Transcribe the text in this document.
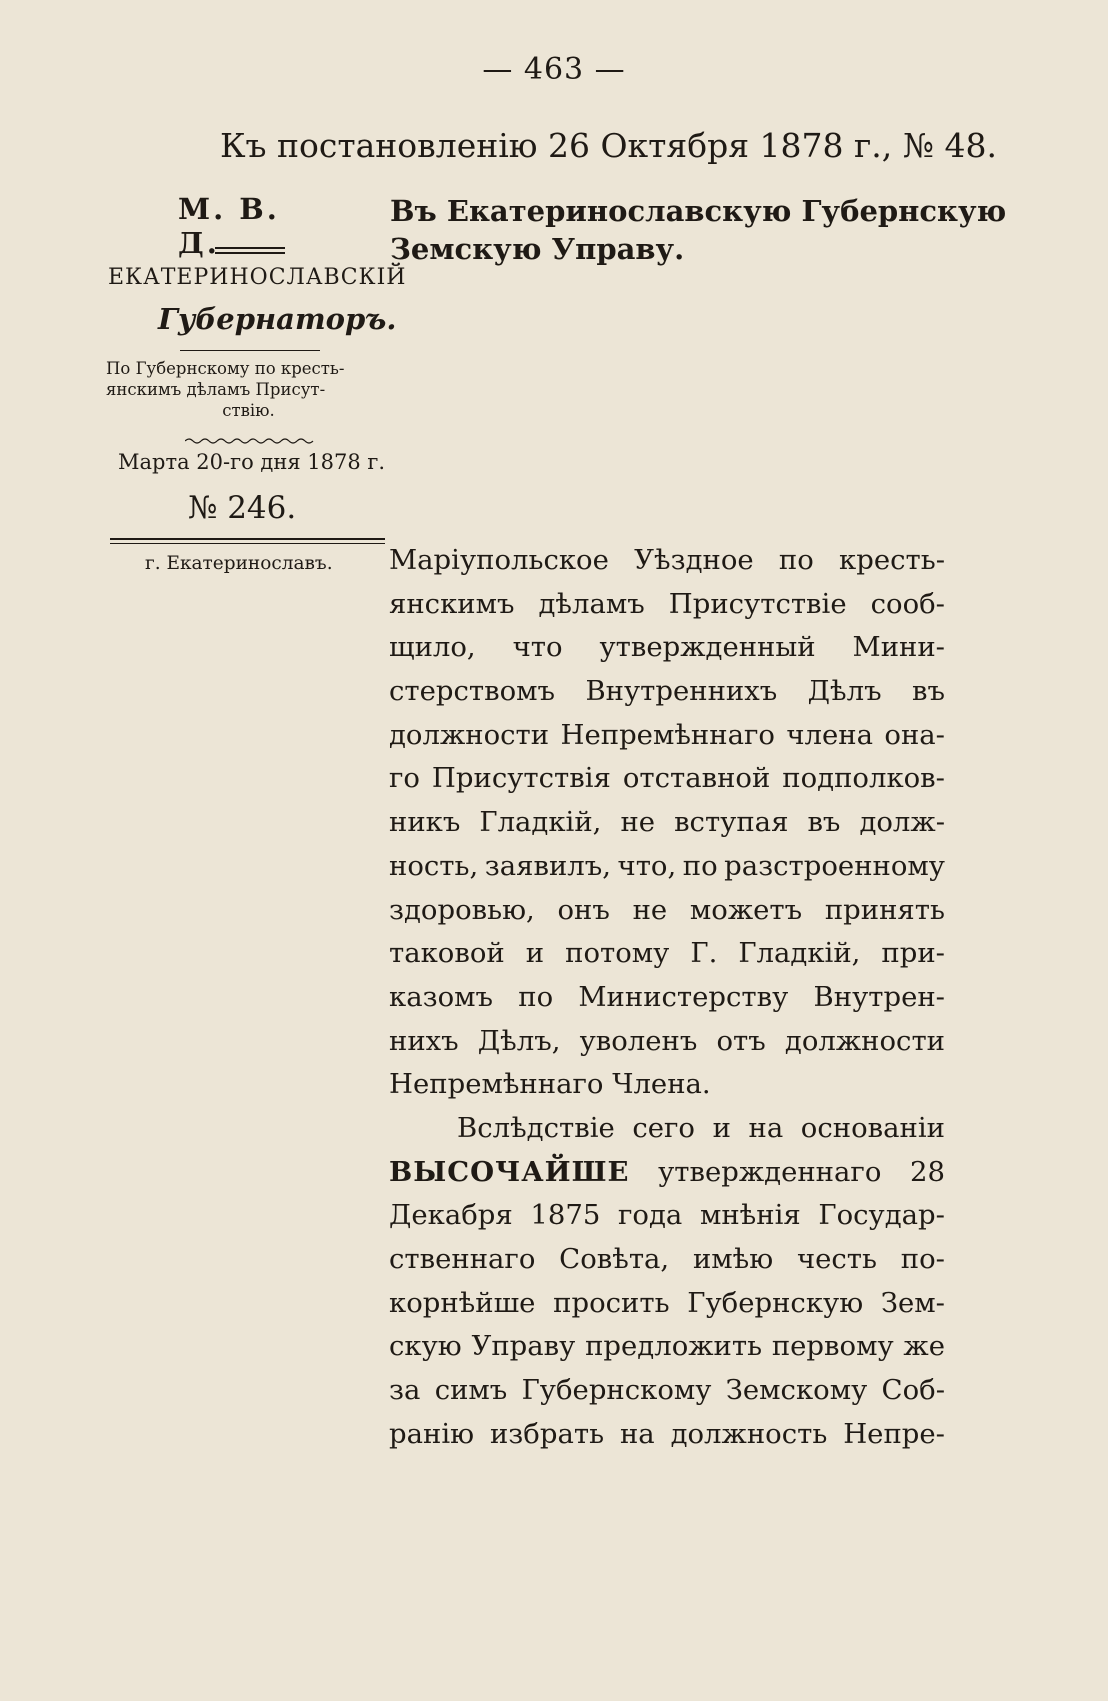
— 463 —
Къ постановленію 26 Октября 1878 г., № 48.
М. В. Д.
Въ Екатеринославскую Губернскую
Земскую Управу.
ЕКАТЕРИНОСЛАВСКІЙ
Губернаторъ.
По Губернскому по кресть-
янскимъ дѣламъ Присут-
ствію.
Марта 20-го дня 1878 г.
№ 246.
г. Екатеринославъ.	Маріупольское Уѣздное по кресть-
янскимъ дѣламъ Присутствіе сооб-
щило, что утвержденный Мини-
стерствомъ Внутреннихъ Дѣлъ въ
должности Непремѣннаго члена она-
го Присутствія отставной подполков-
никъ Гладкій, не вступая въ долж-
ность, заявилъ, что, по разстроенному
здоровью, онъ не можетъ принять
таковой и потому Г. Гладкій, при-
казомъ по Министерству Внутрен-
нихъ Дѣлъ, уволенъ отъ должности
Непремѣннаго Члена.
Вслѣдствіе сего и на основаніи
ВЫСОЧАЙШЕ утвержденнаго 28
Декабря 1875 года мнѣнія Государ-
ственнаго Совѣта, имѣю честь по-
корнѣйше просить Губернскую Зем-
скую Управу предложить первому же
за симъ Губернскому Земскому Соб-
ранію избрать на должность Непре-
